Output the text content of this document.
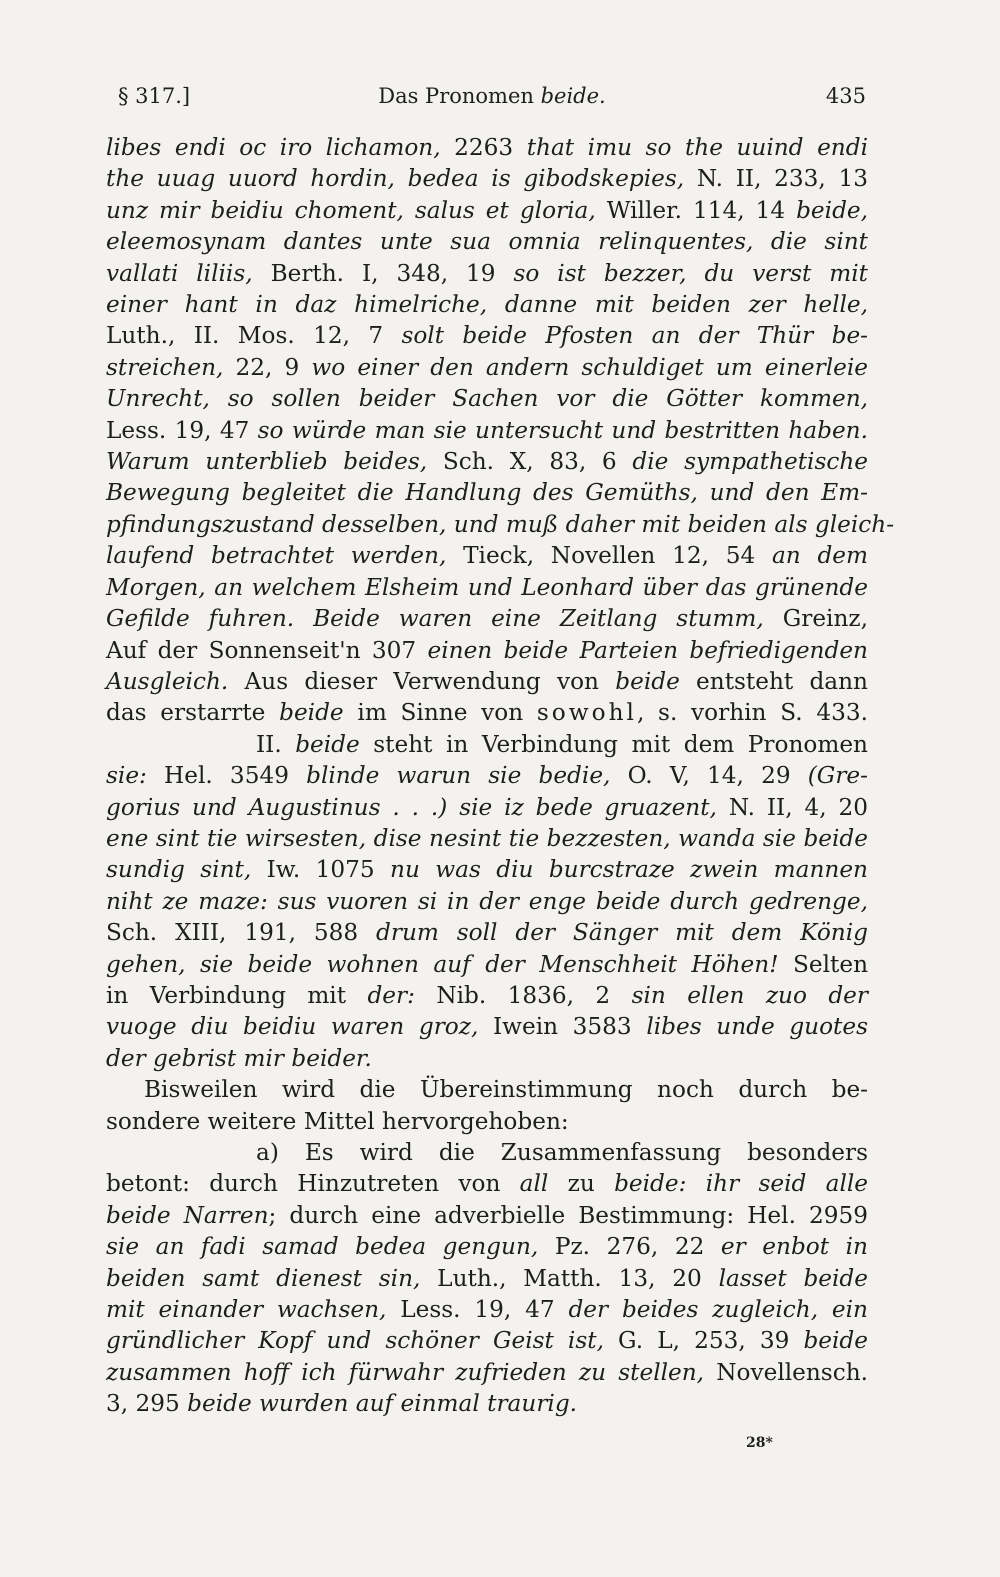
§ 317.]	Das Pronomen beide.	435
libes endi oc iro lichamon, 2263 that imu so the uuind endi
the uuag uuord hordin, bedea is gibodskepies, N. II, 233, 13
unz mir beidiu choment, salus et gloria, Willer. 114, 14 beide,
eleemosynam dantes unte sua omnia relinquentes, die sint
vallati liliis, Berth. I, 348, 19 so ist bezzer, du verst mit
einer hant in daz himelriche, danne mit beiden zer helle,
Luth., II. Mos. 12, 7 solt beide Pfosten an der Thür be-
streichen, 22, 9 wo einer den andern schuldiget um einerleie
Unrecht, so sollen beider Sachen vor die Götter kommen,
Less. 19, 47 so würde man sie untersucht und bestritten haben.
Warum unterblieb beides, Sch. X, 83, 6 die sympathetische
Bewegung begleitet die Handlung des Gemüths, und den Em-
pfindungszustand desselben, und muß daher mit beiden als gleich-
laufend betrachtet werden, Tieck, Novellen 12, 54 an dem
Morgen, an welchem Elsheim und Leonhard über das grünende
Gefilde fuhren. Beide waren eine Zeitlang stumm, Greinz,
Auf der Sonnenseit'n 307 einen beide Parteien befriedigenden
Ausgleich. Aus dieser Verwendung von beide entsteht dann
das erstarrte beide im Sinne von sowohl, s. vorhin S. 433.
II. beide steht in Verbindung mit dem Pronomen
sie: Hel. 3549 blinde warun sie bedie, O. V, 14, 29 (Gre-
gorius und Augustinus . . .) sie iz bede gruazent, N. II, 4, 20
ene sint tie wirsesten, dise nesint tie bezzesten, wanda sie beide
sundig sint, Iw. 1075 nu was diu burcstraze zwein mannen
niht ze maze: sus vuoren si in der enge beide durch gedrenge,
Sch. XIII, 191, 588 drum soll der Sänger mit dem König
gehen, sie beide wohnen auf der Menschheit Höhen! Selten
in Verbindung mit der: Nib. 1836, 2 sin ellen zuo der
vuoge diu beidiu waren groz, Iwein 3583 libes unde guotes
der gebrist mir beider.
Bisweilen wird die Übereinstimmung noch durch be-
sondere weitere Mittel hervorgehoben:
a) Es wird die Zusammenfassung besonders
betont: durch Hinzutreten von all zu beide: ihr seid alle
beide Narren; durch eine adverbielle Bestimmung: Hel. 2959
sie an fadi samad bedea gengun, Pz. 276, 22 er enbot in
beiden samt dienest sin, Luth., Matth. 13, 20 lasset beide
mit einander wachsen, Less. 19, 47 der beides zugleich, ein
gründlicher Kopf und schöner Geist ist, G. L, 253, 39 beide
zusammen hoff ich fürwahr zufrieden zu stellen, Novellensch.
3, 295 beide wurden auf einmal traurig.
28*
